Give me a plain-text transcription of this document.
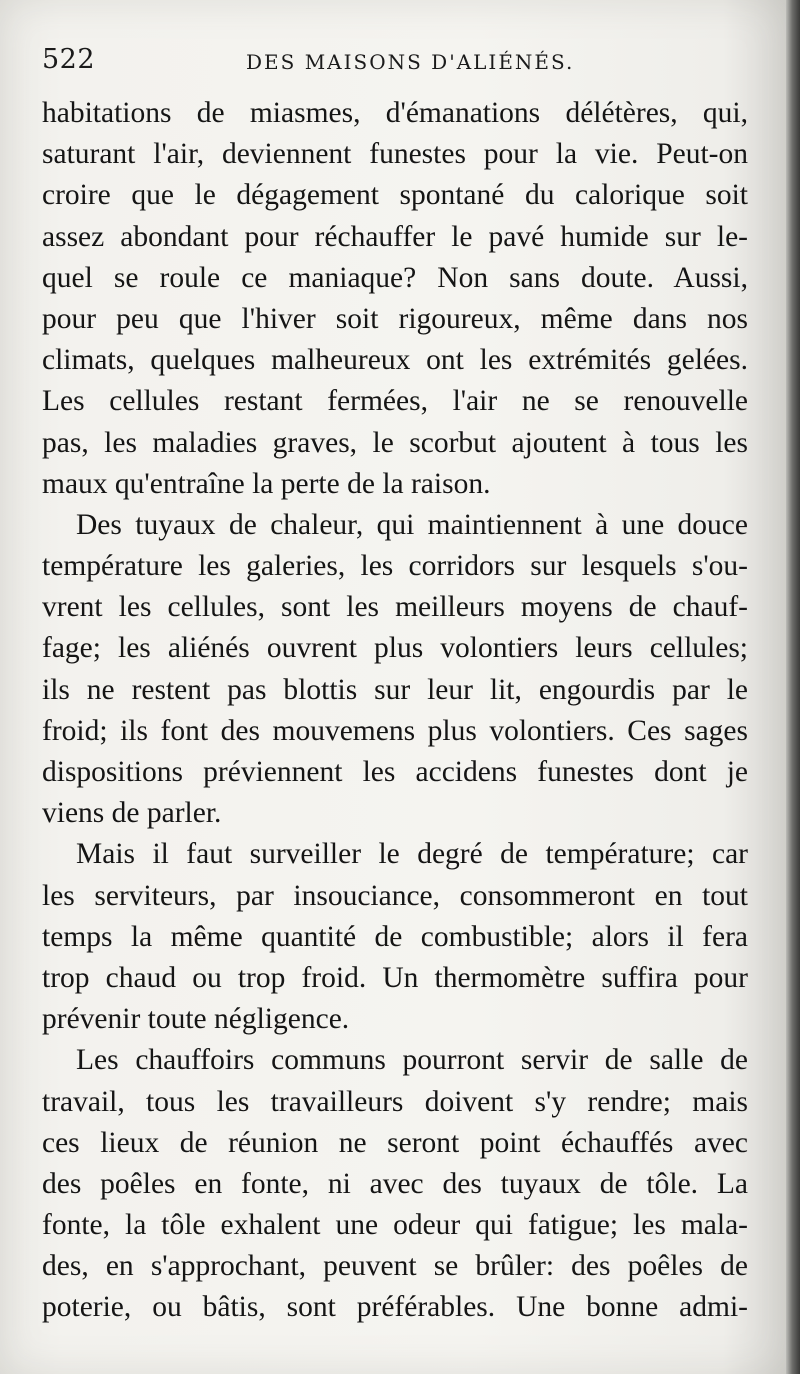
522	DES MAISONS D'ALIÉNÉS.
habitations de miasmes, d'émanations délétères, qui,
saturant l'air, deviennent funestes pour la vie. Peut-on
croire que le dégagement spontané du calorique soit
assez abondant pour réchauffer le pavé humide sur le-
quel se roule ce maniaque? Non sans doute. Aussi,
pour peu que l'hiver soit rigoureux, même dans nos
climats, quelques malheureux ont les extrémités gelées.
Les cellules restant fermées, l'air ne se renouvelle
pas, les maladies graves, le scorbut ajoutent à tous les
maux qu'entraîne la perte de la raison.
Des tuyaux de chaleur, qui maintiennent à une douce
température les galeries, les corridors sur lesquels s'ou-
vrent les cellules, sont les meilleurs moyens de chauf-
fage; les aliénés ouvrent plus volontiers leurs cellules;
ils ne restent pas blottis sur leur lit, engourdis par le
froid; ils font des mouvemens plus volontiers. Ces sages
dispositions préviennent les accidens funestes dont je
viens de parler.
Mais il faut surveiller le degré de température; car
les serviteurs, par insouciance, consommeront en tout
temps la même quantité de combustible; alors il fera
trop chaud ou trop froid. Un thermomètre suffira pour
prévenir toute négligence.
Les chauffoirs communs pourront servir de salle de
travail, tous les travailleurs doivent s'y rendre; mais
ces lieux de réunion ne seront point échauffés avec
des poêles en fonte, ni avec des tuyaux de tôle. La
fonte, la tôle exhalent une odeur qui fatigue; les mala-
des, en s'approchant, peuvent se brûler: des poêles de
poterie, ou bâtis, sont préférables. Une bonne admi-
